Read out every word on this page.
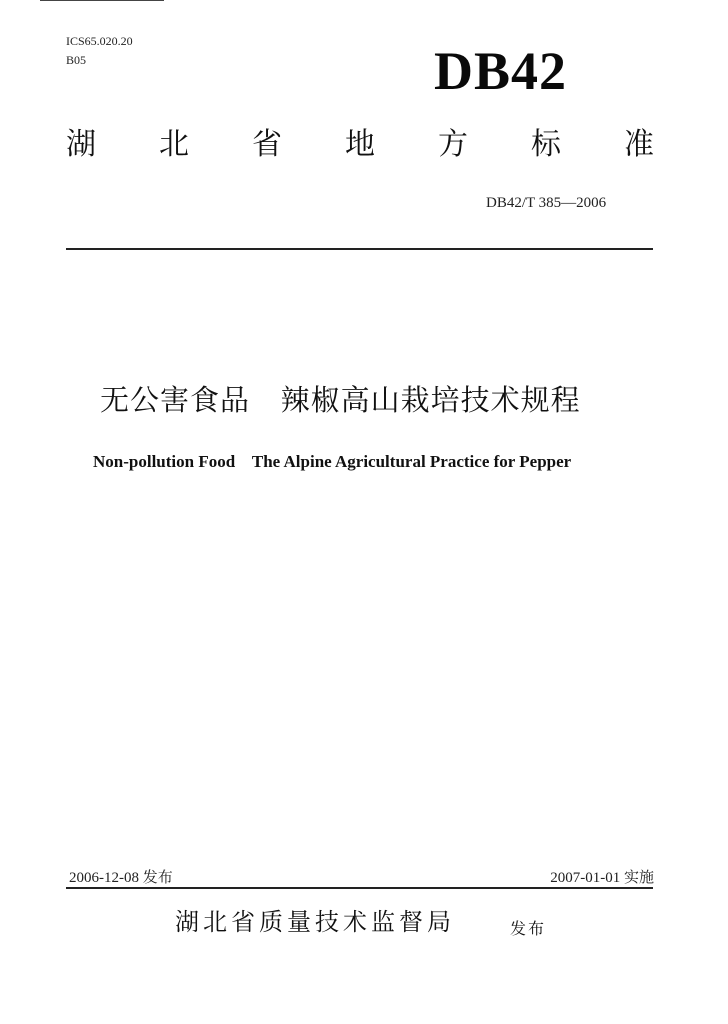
ICS65.020.20
B05	DB42
湖 北 省 地 方 标 准
DB42/T 385—2006
无公害食品   辣椒高山栽培技术规程
Non-pollution Food    The Alpine Agricultural Practice for Pepper
2006-12-08 发布	2007-01-01 实施
湖北省质量技术监督局	发布
